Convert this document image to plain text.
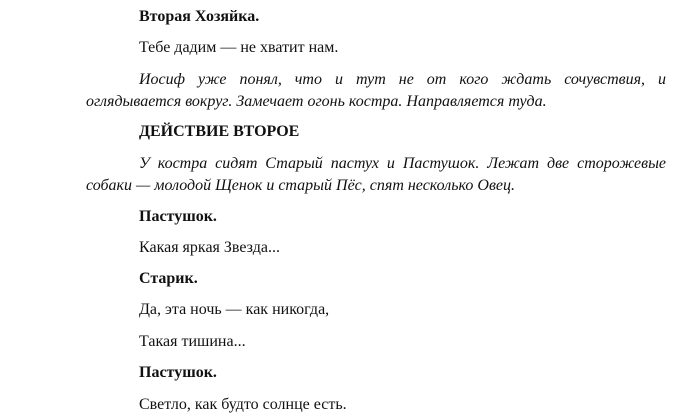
Вторая Хозяйка.
Тебе дадим — не хватит нам.
Иосиф уже понял, что и тут не от кого ждать сочувствия, и оглядывается вокруг. Замечает огонь костра. Направляется туда.
ДЕЙСТВИЕ ВТОРОЕ
У костра сидят Старый пастух и Пастушок. Лежат две сторожевые собаки — молодой Щенок и старый Пёс, спят несколько Овец.
Пастушок.
Какая яркая Звезда...
Старик.
Да, эта ночь — как никогда,
Такая тишина...
Пастушок.
Светло, как будто солнце есть.
